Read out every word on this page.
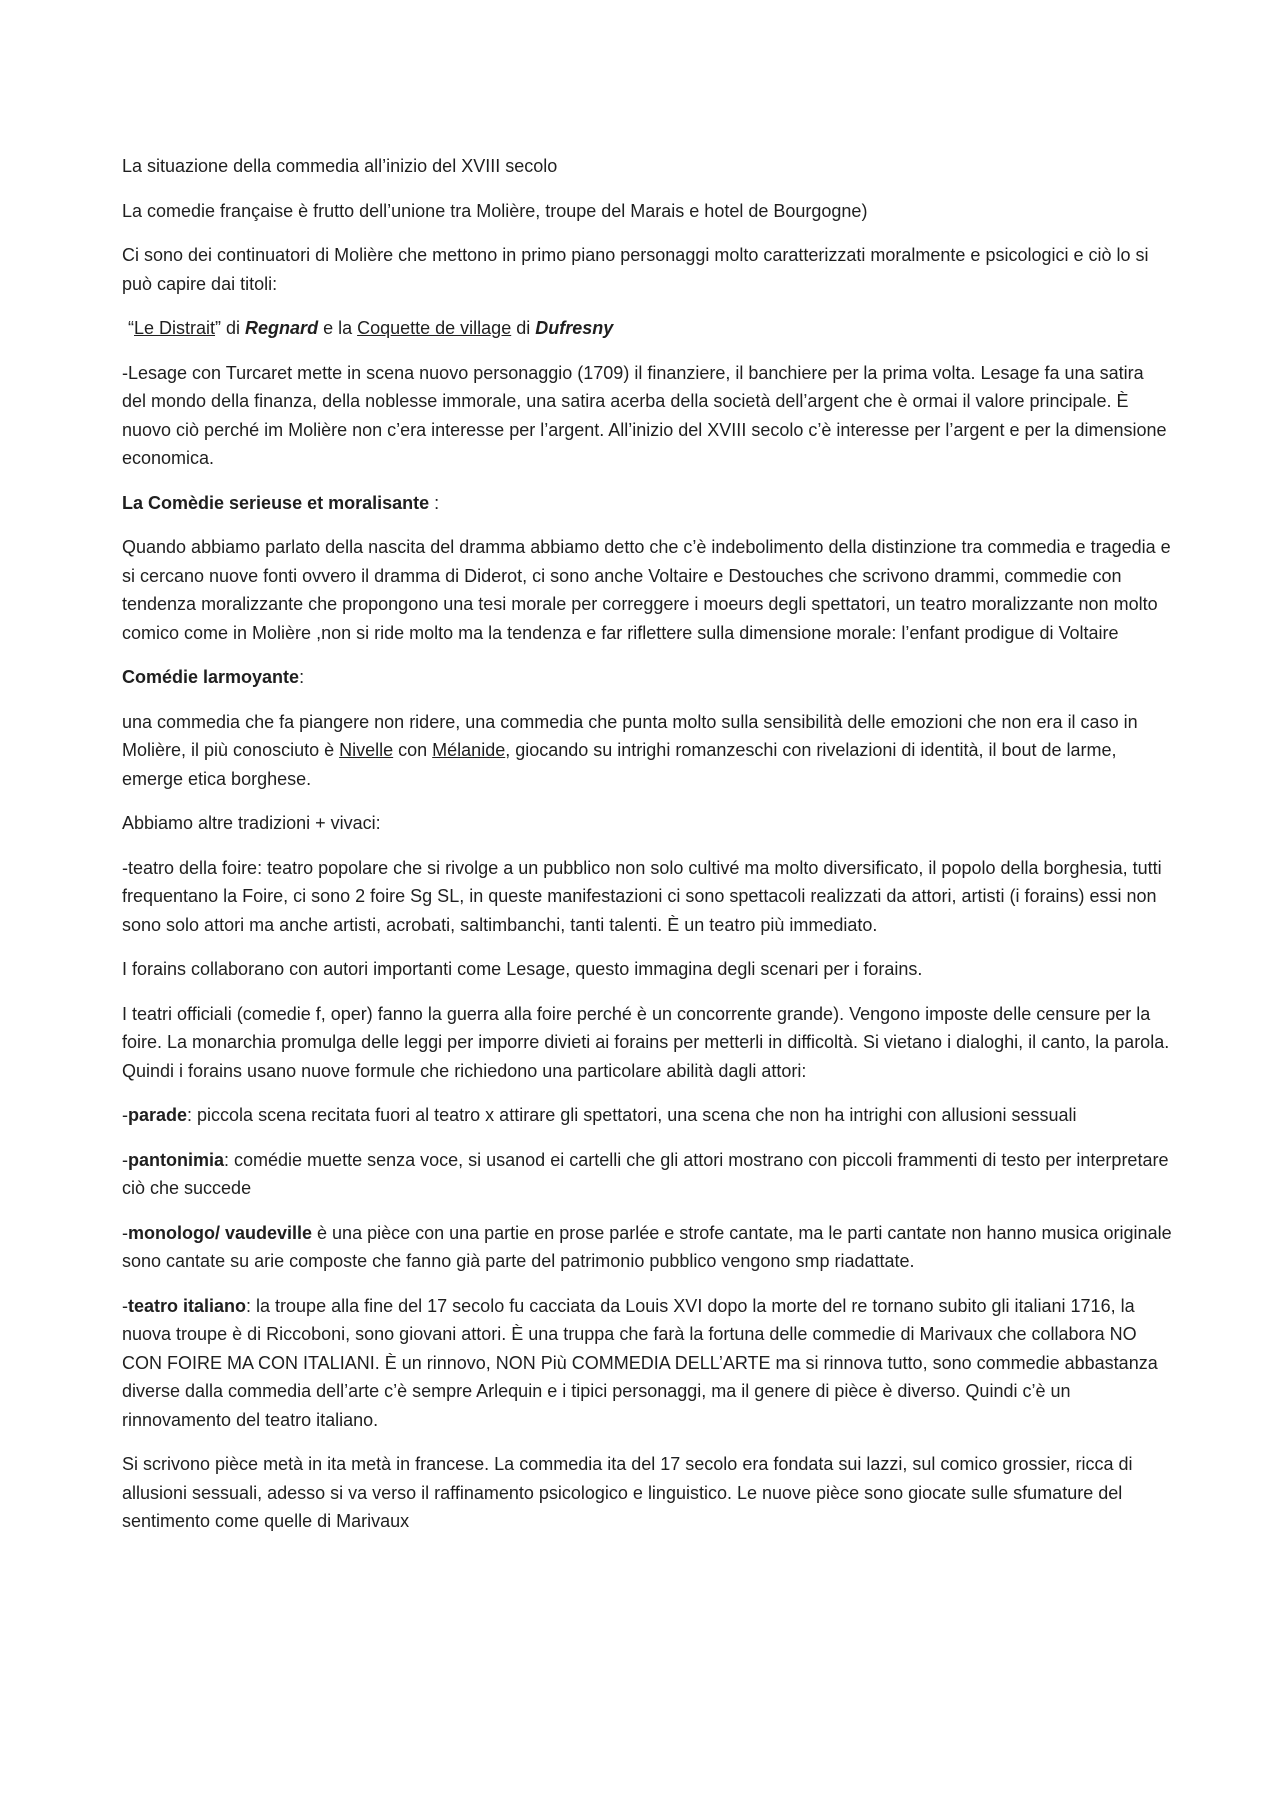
La situazione della commedia all’inizio del XVIII secolo

La comedie française è frutto dell’unione tra Molière, troupe del Marais e hotel de Bourgogne)

Ci sono dei continuatori di Molière che mettono in primo piano personaggi molto caratterizzati moralmente e psicologici e ciò lo si può capire dai titoli:

“Le Distrait” di Regnard e la Coquette de village di Dufresny

-Lesage con Turcaret mette in scena nuovo personaggio (1709) il finanziere, il banchiere per la prima volta. Lesage fa una satira del mondo della finanza, della noblesse immorale, una satira acerba della società dell’argent che è ormai il valore principale. È nuovo ciò perché im Molière non c’era interesse per l’argent. All’inizio del XVIII secolo c’è interesse per l’argent e per la dimensione economica.

La Comèdie serieuse et moralisante :

Quando abbiamo parlato della nascita del dramma abbiamo detto che c’è indebolimento della distinzione tra commedia e tragedia e si cercano nuove fonti ovvero il dramma di Diderot, ci sono anche Voltaire e Destouches che scrivono drammi, commedie con tendenza moralizzante che propongono una tesi morale per correggere i moeurs degli spettatori, un teatro moralizzante non molto comico come in Molière ,non si ride molto ma la tendenza e far riflettere sulla dimensione morale: l’enfant prodigue di Voltaire

Comédie larmoyante:

una commedia che fa piangere non ridere, una commedia che punta molto sulla sensibilità delle emozioni che non era il caso in Molière, il più conosciuto è Nivelle con Mélanide, giocando su intrighi romanzeschi con rivelazioni di identità, il bout de larme, emerge etica borghese.

Abbiamo altre tradizioni + vivaci:

-teatro della foire: teatro popolare che si rivolge a un pubblico non solo cultivé ma molto diversificato, il popolo della borghesia, tutti frequentano la Foire, ci sono 2 foire Sg SL, in queste manifestazioni ci sono spettacoli realizzati da attori, artisti (i forains) essi non sono solo attori ma anche artisti, acrobati, saltimbanchi, tanti talenti. È un teatro più immediato.

I forains collaborano con autori importanti come Lesage, questo immagina degli scenari per i forains.

I teatri officiali (comedie f, oper) fanno la guerra alla foire perché è un concorrente grande). Vengono imposte delle censure per la foire. La monarchia promulga delle leggi per imporre divieti ai forains per metterli in difficoltà. Si vietano i dialoghi, il canto, la parola. Quindi i forains usano nuove formule che richiedono una particolare abilità dagli attori:

-parade: piccola scena recitata fuori al teatro x attirare gli spettatori, una scena che non ha intrighi con allusioni sessuali

-pantonimia: comédie muette senza voce, si usanod ei cartelli che gli attori mostrano con piccoli frammenti di testo per interpretare ciò che succede

-monologo/ vaudeville è una pièce con una partie en prose parlée e strofe cantate, ma le parti cantate non hanno musica originale sono cantate su arie composte che fanno già parte del patrimonio pubblico vengono smp riadattate.

-teatro italiano: la troupe alla fine del 17 secolo fu cacciata da Louis XVI dopo la morte del re tornano subito gli italiani 1716, la nuova troupe è di Riccoboni, sono giovani attori. È una truppa che farà la fortuna delle commedie di Marivaux che collabora NO CON FOIRE MA CON ITALIANI. È un rinnovo, NON Più COMMEDIA DELL’ARTE ma si rinnova tutto, sono commedie abbastanza diverse dalla commedia dell’arte c’è sempre Arlequin e i tipici personaggi, ma il genere di pièce è diverso. Quindi c’è un rinnovamento del teatro italiano.

Si scrivono pièce metà in ita metà in francese. La commedia ita del 17 secolo era fondata sui lazzi, sul comico grossier, ricca di allusioni sessuali, adesso si va verso il raffinamento psicologico e linguistico. Le nuove pièce sono giocate sulle sfumature del sentimento come quelle di Marivaux
